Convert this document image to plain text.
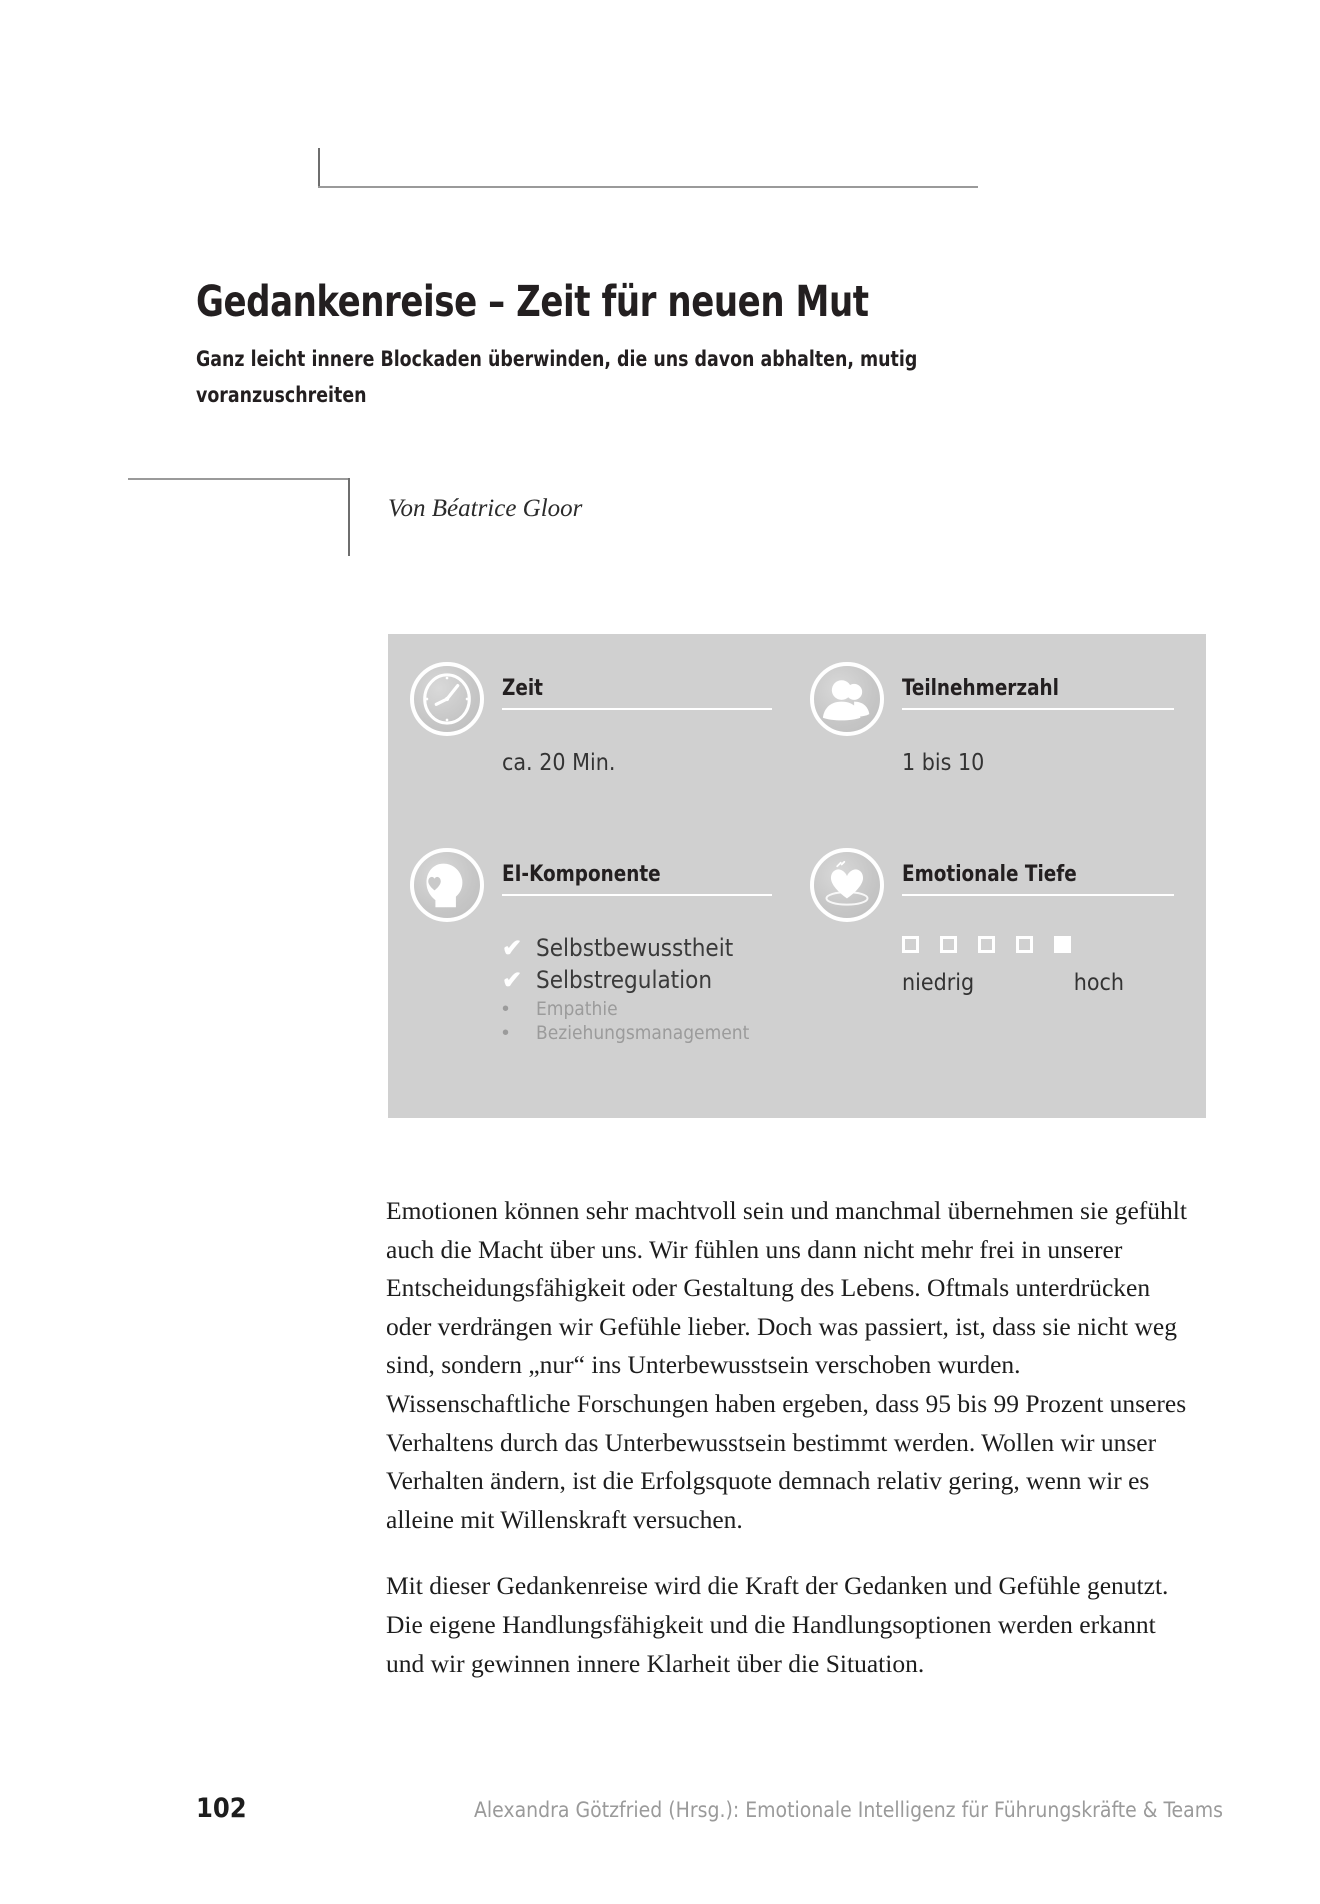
Gedankenreise – Zeit für neuen Mut
Ganz leicht innere Blockaden überwinden, die uns davon abhalten, mutig voranzuschreiten
Von Béatrice Gloor
Zeit
ca. 20 Min.
Teilnehmerzahl
1 bis 10
EI-Komponente
✔ Selbstbewusstheit
✔ Selbstregulation
•	Empathie
•	Beziehungsmanagement
Emotionale Tiefe
niedrig	hoch

Emotionen können sehr machtvoll sein und manchmal übernehmen sie gefühlt auch die Macht über uns. Wir fühlen uns dann nicht mehr frei in unserer Entscheidungsfähigkeit oder Gestaltung des Lebens. Oftmals unterdrücken oder verdrängen wir Gefühle lieber. Doch was passiert, ist, dass sie nicht weg sind, sondern „nur“ ins Unterbewusstsein verschoben wurden. Wissenschaftliche Forschungen haben ergeben, dass 95 bis 99 Prozent unseres Verhaltens durch das Unterbewusstsein bestimmt werden. Wollen wir unser Verhalten ändern, ist die Erfolgsquote demnach relativ gering, wenn wir es alleine mit Willenskraft versuchen.

Mit dieser Gedankenreise wird die Kraft der Gedanken und Gefühle genutzt. Die eigene Handlungsfähigkeit und die Handlungsoptionen werden erkannt und wir gewinnen innere Klarheit über die Situation.

102	Alexandra Götzfried (Hrsg.): Emotionale Intelligenz für Führungskräfte & Teams
